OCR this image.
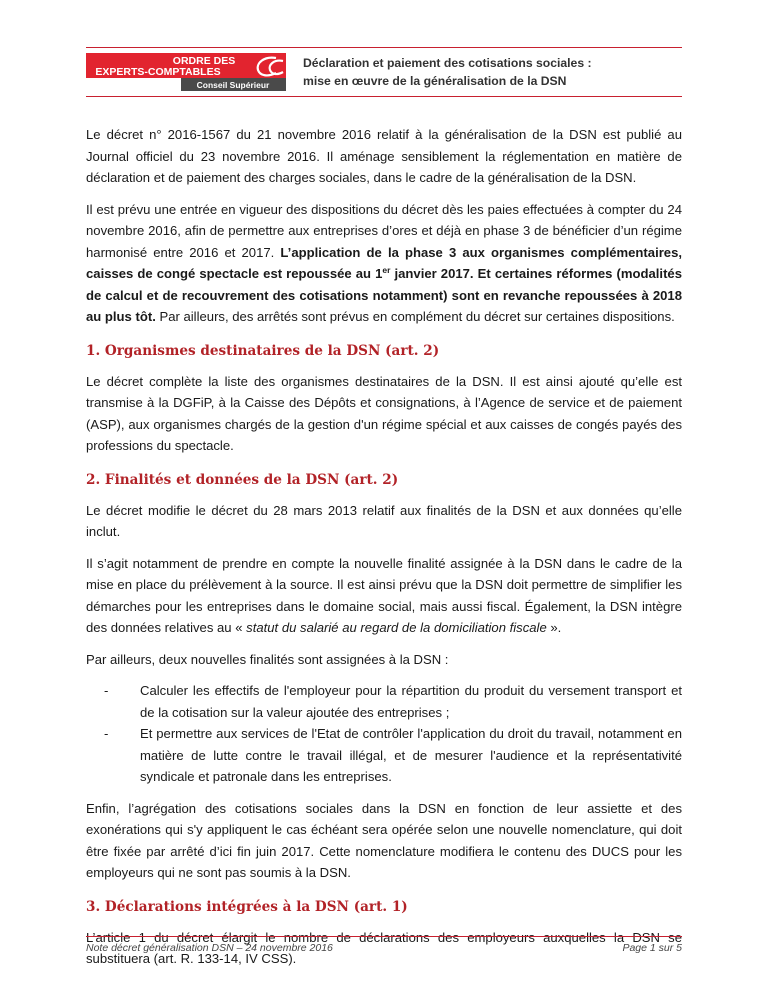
ORDRE DES
EXPERTS-COMPTABLES
Conseil Supérieur
Déclaration et paiement des cotisations sociales :
mise en œuvre de la généralisation de la DSN

Le décret n° 2016-1567 du 21 novembre 2016 relatif à la généralisation de la DSN est publié au Journal officiel du 23 novembre 2016. Il aménage sensiblement la réglementation en matière de déclaration et de paiement des charges sociales, dans le cadre de la généralisation de la DSN.

Il est prévu une entrée en vigueur des dispositions du décret dès les paies effectuées à compter du 24 novembre 2016, afin de permettre aux entreprises d’ores et déjà en phase 3 de bénéficier d’un régime harmonisé entre 2016 et 2017. L’application de la phase 3 aux organismes complémentaires, caisses de congé spectacle est repoussée au 1er janvier 2017. Et certaines réformes (modalités de calcul et de recouvrement des cotisations notamment) sont en revanche repoussées à 2018 au plus tôt. Par ailleurs, des arrêtés sont prévus en complément du décret sur certaines dispositions.

1. Organismes destinataires de la DSN (art. 2)

Le décret complète la liste des organismes destinataires de la DSN. Il est ainsi ajouté qu’elle est transmise à la DGFiP, à la Caisse des Dépôts et consignations, à l’Agence de service et de paiement (ASP), aux organismes chargés de la gestion d'un régime spécial et aux caisses de congés payés des professions du spectacle.

2. Finalités et données de la DSN (art. 2)

Le décret modifie le décret du 28 mars 2013 relatif aux finalités de la DSN et aux données qu’elle inclut.

Il s’agit notamment de prendre en compte la nouvelle finalité assignée à la DSN dans le cadre de la mise en place du prélèvement à la source. Il est ainsi prévu que la DSN doit permettre de simplifier les démarches pour les entreprises dans le domaine social, mais aussi fiscal. Également, la DSN intègre des données relatives au « statut du salarié au regard de la domiciliation fiscale ».

Par ailleurs, deux nouvelles finalités sont assignées à la DSN :

- Calculer les effectifs de l'employeur pour la répartition du produit du versement transport et de la cotisation sur la valeur ajoutée des entreprises ;
- Et permettre aux services de l'Etat de contrôler l'application du droit du travail, notamment en matière de lutte contre le travail illégal, et de mesurer l'audience et la représentativité syndicale et patronale dans les entreprises.

Enfin, l’agrégation des cotisations sociales dans la DSN en fonction de leur assiette et des exonérations qui s'y appliquent le cas échéant sera opérée selon une nouvelle nomenclature, qui doit être fixée par arrêté d’ici fin juin 2017. Cette nomenclature modifiera le contenu des DUCS pour les employeurs qui ne sont pas soumis à la DSN.

3. Déclarations intégrées à la DSN (art. 1)

L’article 1 du décret élargit le nombre de déclarations des employeurs auxquelles la DSN se substituera (art. R. 133-14, IV CSS).

Note décret généralisation DSN – 24 novembre 2016	Page 1 sur 5
